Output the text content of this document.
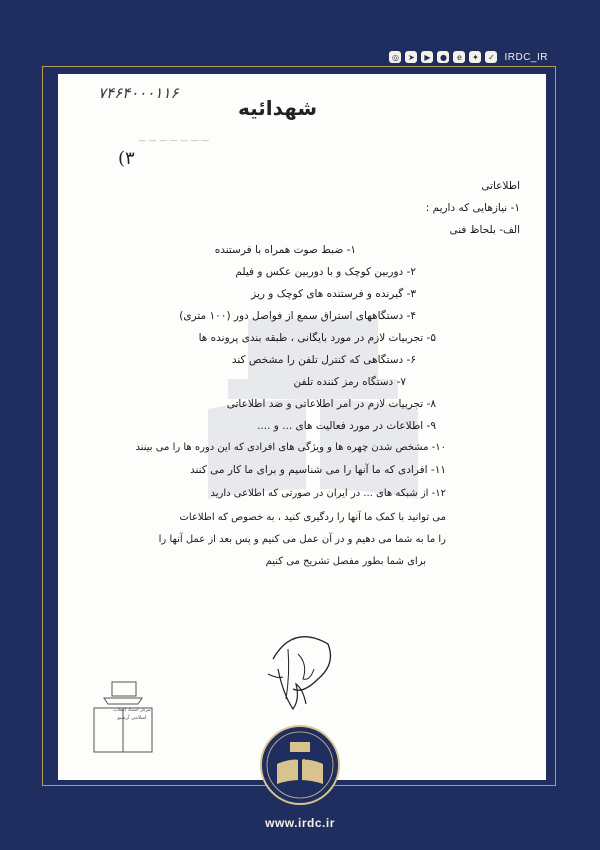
◎	➤	▶	●	e	✦	✓ IRDC_IR
۷۴۶۴۰۰۰۱۱۶
شهدائیه
— — — — — — —
(۳
اطلاعاتی
۱- نیازهایی که داریم :
الف- بلحاظ فنی
۱- ضبط صوت همراه با فرستنده
۲- دوربین کوچک و با دوربین عکس و فیلم
۳- گیرنده و فرستنده های کوچک و ریز
۴- دستگاههای استراق سمع از فواصل دور (۱۰۰ متری)
۵- تجربیات لازم در مورد بایگانی ، طبقه بندی پرونده ها
۶- دستگاهی که کنترل تلفن را مشخص کند
۷- دستگاه رمز کننده تلفن
۸- تجربیات لازم در امر اطلاعاتی و ضد اطلاعاتی
۹- اطلاعات در مورد فعالیت های ... و ....
۱۰- مشخص شدن چهره ها و ویژگی های افرادی که این دوره ها را می بینند
۱۱- افرادی که ما آنها را می شناسیم و برای ما کار می کنند
۱۲- از شبکه های ... در ایران در صورتی که اطلاعی دارید
می توانید با کمک ما آنها را ردگیری کنید ، به خصوص که اطلاعات
را ما به شما می دهیم و در آن عمل می کنیم و پس بعد از عمل آنها را
برای شما بطور مفصل تشریح می کنیم
مرکز اسناد انقلاب اسلامی آرشیو
مرکز اسناد انقلاب اسلامی
www.irdc.ir
